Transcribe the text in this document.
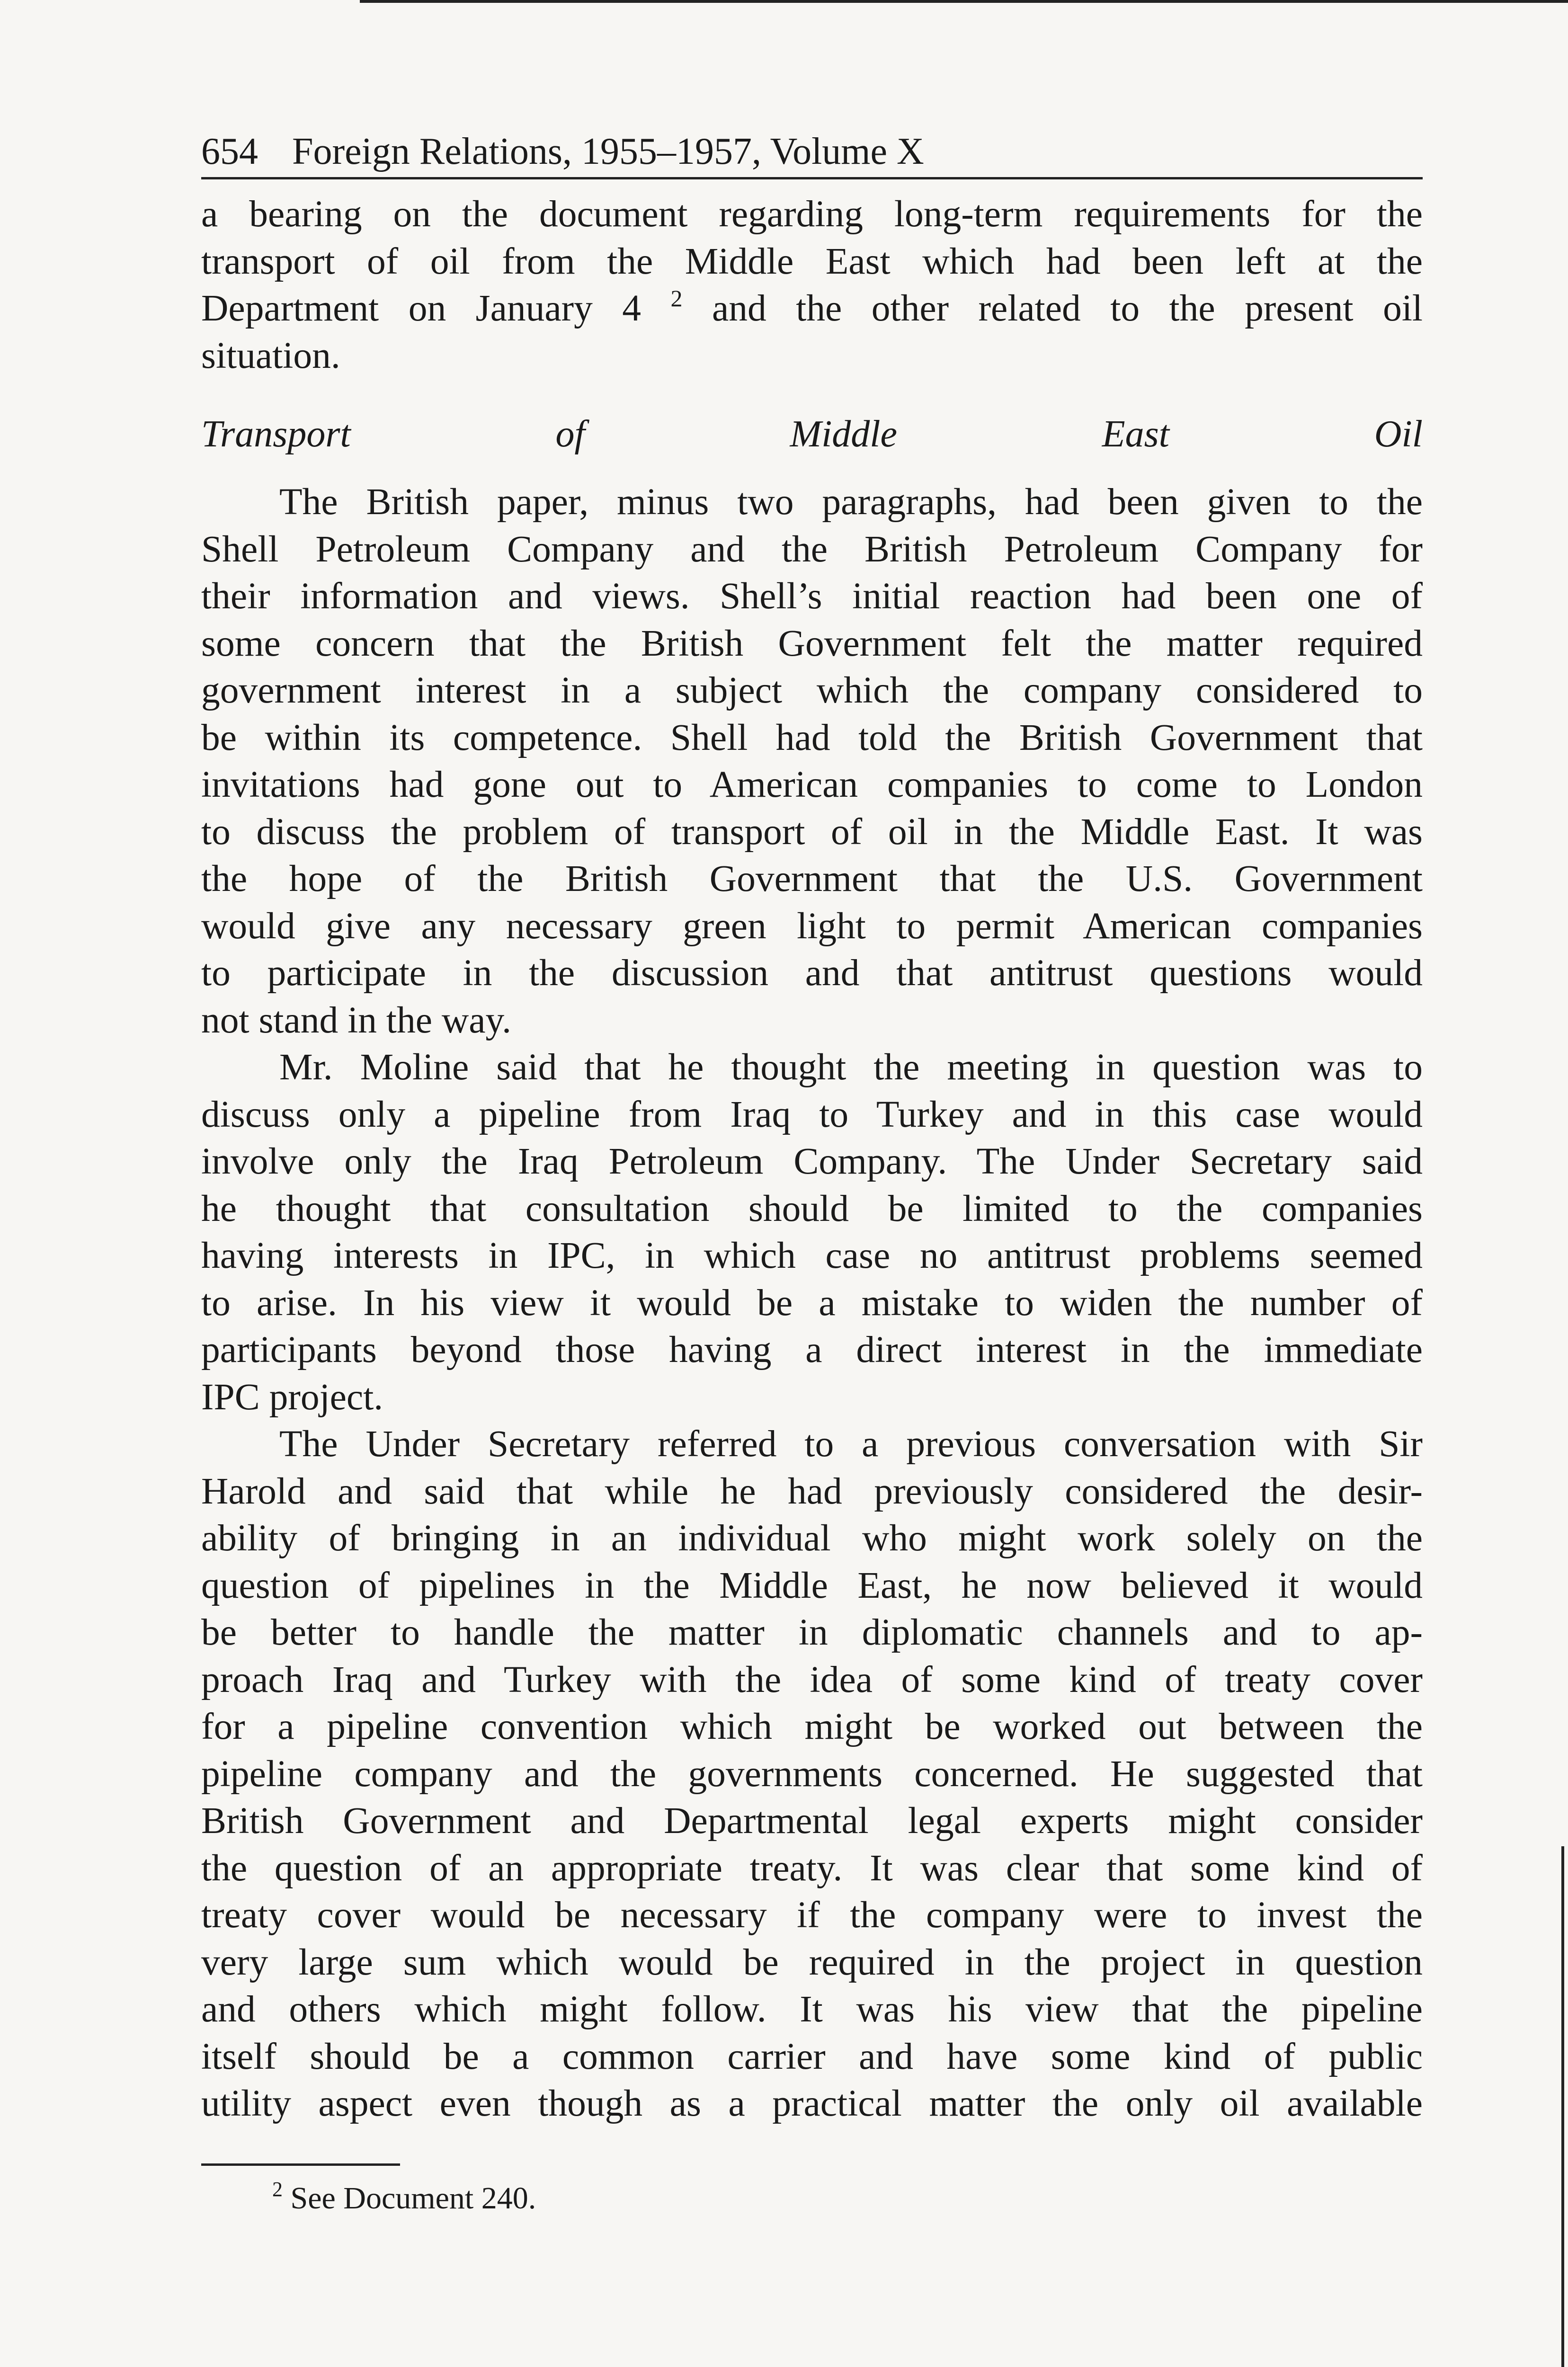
654 Foreign Relations, 1955–1957, Volume X

a bearing on the document regarding long-term requirements for the
transport of oil from the Middle East which had been left at the
Department on January 4 $^2$ and the other related to the present oil
situation.

Transport of Middle East Oil

The British paper, minus two paragraphs, had been given to the
Shell Petroleum Company and the British Petroleum Company for
their information and views. Shell’s initial reaction had been one of
some concern that the British Government felt the matter required
government interest in a subject which the company considered to
be within its competence. Shell had told the British Government that
invitations had gone out to American companies to come to London
to discuss the problem of transport of oil in the Middle East. It was
the hope of the British Government that the U.S. Government
would give any necessary green light to permit American companies
to participate in the discussion and that antitrust questions would
not stand in the way.

Mr. Moline said that he thought the meeting in question was to
discuss only a pipeline from Iraq to Turkey and in this case would
involve only the Iraq Petroleum Company. The Under Secretary said
he thought that consultation should be limited to the companies
having interests in IPC, in which case no antitrust problems seemed
to arise. In his view it would be a mistake to widen the number of
participants beyond those having a direct interest in the immediate
IPC project.

The Under Secretary referred to a previous conversation with Sir
Harold and said that while he had previously considered the desir-
ability of bringing in an individual who might work solely on the
question of pipelines in the Middle East, he now believed it would
be better to handle the matter in diplomatic channels and to ap-
proach Iraq and Turkey with the idea of some kind of treaty cover
for a pipeline convention which might be worked out between the
pipeline company and the governments concerned. He suggested that
British Government and Departmental legal experts might consider
the question of an appropriate treaty. It was clear that some kind of
treaty cover would be necessary if the company were to invest the
very large sum which would be required in the project in question
and others which might follow. It was his view that the pipeline
itself should be a common carrier and have some kind of public
utility aspect even though as a practical matter the only oil available

$^2$ See Document 240.
